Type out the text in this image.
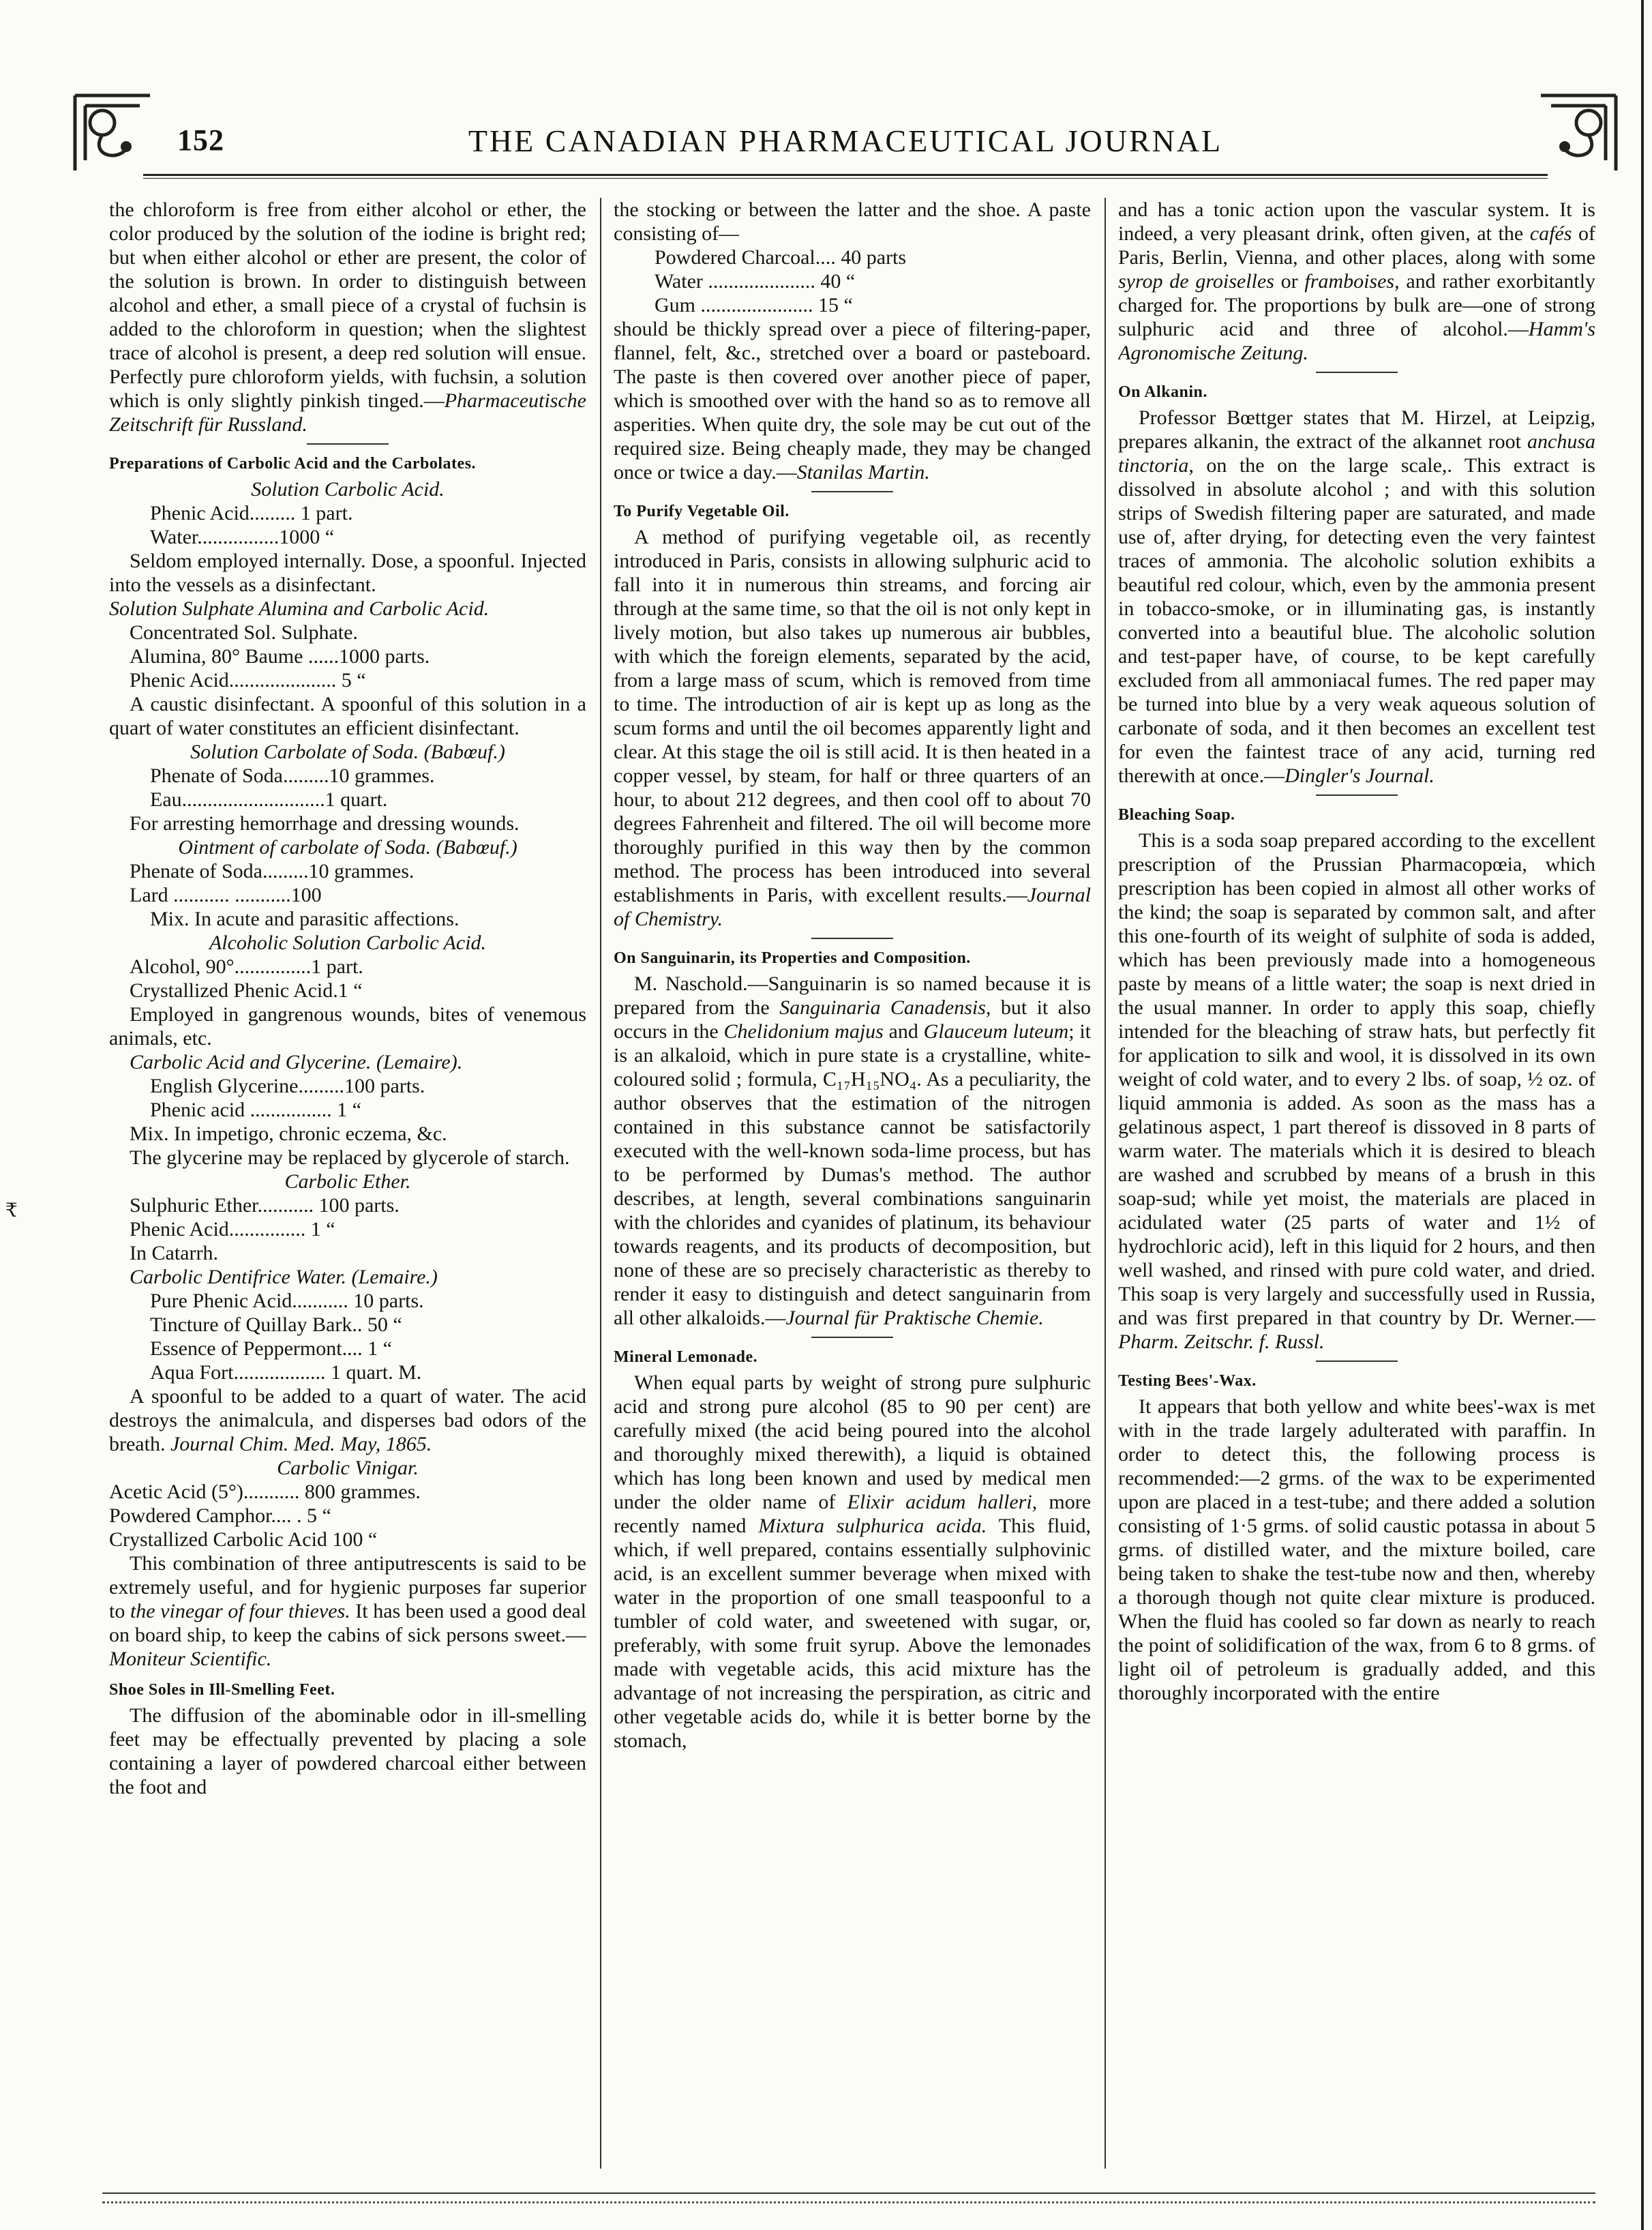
152	THE CANADIAN PHARMACEUTICAL JOURNAL
₹

the chloroform is free from either alcohol or ether, the color produced by the solution of the iodine is bright red; but when either alcohol or ether are present, the color of the solution is brown. In order to distinguish between alcohol and ether, a small piece of a crystal of fuchsin is added to the chloroform in question; when the slightest trace of alcohol is present, a deep red solution will ensue. Perfectly pure chloroform yields, with fuchsin, a solution which is only slightly pinkish tinged.—Pharmaceutische Zeitschrift für Russland.

Preparations of Carbolic Acid and the Carbolates.

Solution Carbolic Acid.

Phenic Acid......... 1 part.

Water................1000 “

Seldom employed internally. Dose, a spoonful. Injected into the vessels as a disinfectant.

Solution Sulphate Alumina and Carbolic Acid.

Concentrated Sol. Sulphate.

Alumina, 80° Baume ......1000 parts.

Phenic Acid..................... 5 “

A caustic disinfectant. A spoonful of this solution in a quart of water constitutes an efficient disinfectant.

Solution Carbolate of Soda. (Babœuf.)

Phenate of Soda.........10 grammes.

Eau............................1 quart.

For arresting hemorrhage and dressing wounds.

Ointment of carbolate of Soda. (Babœuf.)

Phenate of Soda.........10 grammes.

Lard ........... ...........100

Mix. In acute and parasitic affections.

Alcoholic Solution Carbolic Acid.

Alcohol, 90°...............1 part.

Crystallized Phenic Acid.1 “

Employed in gangrenous wounds, bites of venemous animals, etc.

Carbolic Acid and Glycerine. (Lemaire).

English Glycerine.........100 parts.

Phenic acid ................ 1 “

Mix. In impetigo, chronic eczema, &c.

The glycerine may be replaced by glycerole of starch.

Carbolic Ether.

Sulphuric Ether........... 100 parts.

Phenic Acid............... 1 “

In Catarrh.

Carbolic Dentifrice Water. (Lemaire.)

Pure Phenic Acid........... 10 parts.

Tincture of Quillay Bark.. 50 “

Essence of Peppermont.... 1 “

Aqua Fort.................. 1 quart. M.

A spoonful to be added to a quart of water. The acid destroys the animalcula, and disperses bad odors of the breath. Journal Chim. Med. May, 1865.

Carbolic Vinigar.

Acetic Acid (5°)........... 800 grammes.

Powdered Camphor.... . 5 “

Crystallized Carbolic Acid 100 “

This combination of three antiputrescents is said to be extremely useful, and for hygienic purposes far superior to the vinegar of four thieves. It has been used a good deal on board ship, to keep the cabins of sick persons sweet.—Moniteur Scientific.

Shoe Soles in Ill-Smelling Feet.

The diffusion of the abominable odor in ill-smelling feet may be effectually prevented by placing a sole containing a layer of powdered charcoal either between the foot and

the stocking or between the latter and the shoe. A paste consisting of—

Powdered Charcoal.... 40 parts

Water ..................... 40 “

Gum ...................... 15 “

should be thickly spread over a piece of filtering-paper, flannel, felt, &c., stretched over a board or pasteboard. The paste is then covered over another piece of paper, which is smoothed over with the hand so as to remove all asperities. When quite dry, the sole may be cut out of the required size. Being cheaply made, they may be changed once or twice a day.—Stanilas Martin.

To Purify Vegetable Oil.

A method of purifying vegetable oil, as recently introduced in Paris, consists in allowing sulphuric acid to fall into it in numerous thin streams, and forcing air through at the same time, so that the oil is not only kept in lively motion, but also takes up numerous air bubbles, with which the foreign elements, separated by the acid, from a large mass of scum, which is removed from time to time. The introduction of air is kept up as long as the scum forms and until the oil becomes apparently light and clear. At this stage the oil is still acid. It is then heated in a copper vessel, by steam, for half or three quarters of an hour, to about 212 degrees, and then cool off to about 70 degrees Fahrenheit and filtered. The oil will become more thoroughly purified in this way then by the common method. The process has been introduced into several establishments in Paris, with excellent results.—Journal of Chemistry.

On Sanguinarin, its Properties and Composition.

M. Naschold.—Sanguinarin is so named because it is prepared from the Sanguinaria Canadensis, but it also occurs in the Chelidonium majus and Glauceum luteum; it is an alkaloid, which in pure state is a crystalline, white-coloured solid ; formula, C₁₇H₁₅NO₄. As a peculiarity, the author observes that the estimation of the nitrogen contained in this substance cannot be satisfactorily executed with the well-known soda-lime process, but has to be performed by Dumas's method. The author describes, at length, several combinations sanguinarin with the chlorides and cyanides of platinum, its behaviour towards reagents, and its products of decomposition, but none of these are so precisely characteristic as thereby to render it easy to distinguish and detect sanguinarin from all other alkaloids.—Journal für Praktische Chemie.

Mineral Lemonade.

When equal parts by weight of strong pure sulphuric acid and strong pure alcohol (85 to 90 per cent) are carefully mixed (the acid being poured into the alcohol and thoroughly mixed therewith), a liquid is obtained which has long been known and used by medical men under the older name of Elixir acidum halleri, more recently named Mixtura sulphurica acida. This fluid, which, if well prepared, contains essentially sulphovinic acid, is an excellent summer beverage when mixed with water in the proportion of one small teaspoonful to a tumbler of cold water, and sweetened with sugar, or, preferably, with some fruit syrup. Above the lemonades made with vegetable acids, this acid mixture has the advantage of not increasing the perspiration, as citric and other vegetable acids do, while it is better borne by the stomach,

and has a tonic action upon the vascular system. It is indeed, a very pleasant drink, often given, at the cafés of Paris, Berlin, Vienna, and other places, along with some syrop de groiselles or framboises, and rather exorbitantly charged for. The proportions by bulk are—one of strong sulphuric acid and three of alcohol.—Hamm's Agronomische Zeitung.

On Alkanin.

Professor Bœttger states that M. Hirzel, at Leipzig, prepares alkanin, the extract of the alkannet root anchusa tinctoria, on the on the large scale,. This extract is dissolved in absolute alcohol ; and with this solution strips of Swedish filtering paper are saturated, and made use of, after drying, for detecting even the very faintest traces of ammonia. The alcoholic solution exhibits a beautiful red colour, which, even by the ammonia present in tobacco-smoke, or in illuminating gas, is instantly converted into a beautiful blue. The alcoholic solution and test-paper have, of course, to be kept carefully excluded from all ammoniacal fumes. The red paper may be turned into blue by a very weak aqueous solution of carbonate of soda, and it then becomes an excellent test for even the faintest trace of any acid, turning red therewith at once.—Dingler's Journal.

Bleaching Soap.

This is a soda soap prepared according to the excellent prescription of the Prussian Pharmacopœia, which prescription has been copied in almost all other works of the kind; the soap is separated by common salt, and after this one-fourth of its weight of sulphite of soda is added, which has been previously made into a homogeneous paste by means of a little water; the soap is next dried in the usual manner. In order to apply this soap, chiefly intended for the bleaching of straw hats, but perfectly fit for application to silk and wool, it is dissolved in its own weight of cold water, and to every 2 lbs. of soap, ½ oz. of liquid ammonia is added. As soon as the mass has a gelatinous aspect, 1 part thereof is dissoved in 8 parts of warm water. The materials which it is desired to bleach are washed and scrubbed by means of a brush in this soap-sud; while yet moist, the materials are placed in acidulated water (25 parts of water and 1½ of hydrochloric acid), left in this liquid for 2 hours, and then well washed, and rinsed with pure cold water, and dried. This soap is very largely and successfully used in Russia, and was first prepared in that country by Dr. Werner.—Pharm. Zeitschr. f. Russl.

Testing Bees'-Wax.

It appears that both yellow and white bees'-wax is met with in the trade largely adulterated with paraffin. In order to detect this, the following process is recommended:—2 grms. of the wax to be experimented upon are placed in a test-tube; and there added a solution consisting of 1·5 grms. of solid caustic potassa in about 5 grms. of distilled water, and the mixture boiled, care being taken to shake the test-tube now and then, whereby a thorough though not quite clear mixture is produced. When the fluid has cooled so far down as nearly to reach the point of solidification of the wax, from 6 to 8 grms. of light oil of petroleum is gradually added, and this thoroughly incorporated with the entire
